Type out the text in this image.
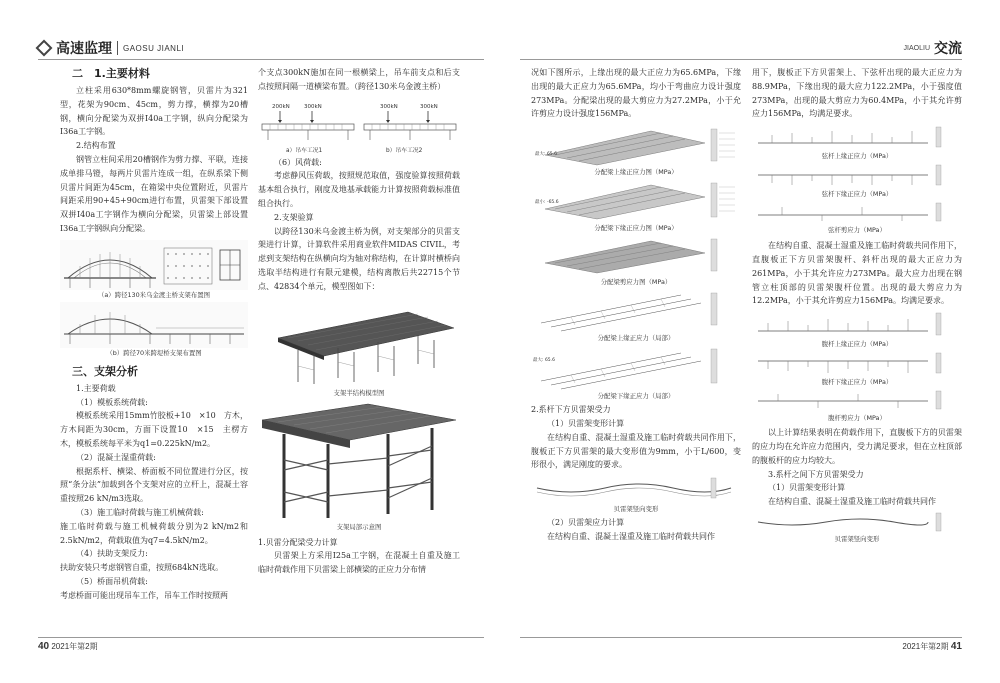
高速监理 GAOSU JIANLI	JIAOLIU 交流
二　1.主要材料

立柱采用630*8mm螺旋钢管，贝雷片为321型，花架为90cm、45cm，剪力撑，横撑为20槽钢，横向分配梁为双拼I40a工字钢，纵向分配梁为I36a工字钢。

2.结构布置

钢管立柱间采用20槽钢作为剪力撑、平联，连接成单排马镫，每两片贝雷片连成一组，在纵系梁下侧贝雷片间距为45cm，在箱梁中央位置附近，贝雷片间距采用90+45+90cm进行布置，贝雷架下部设置双拼I40a工字钢作为横向分配梁，贝雷梁上部设置I36a工字钢纵向分配梁。

（a）跨径130米乌金渡主桥支架布置图
（b）跨径70米跨堤桥支架布置图
三、支架分析

1.主要荷载

（1）模板系统荷载:

模板系统采用15mm竹胶板+10　×10　方木，方木间距为30cm，方面下设置10　×15　主楞方木，模板系统每平米为q1=0.225kN/m2。

（2）混凝土湿重荷载:

根据系杆、横梁、桥面板不同位置进行分区，按照“条分法”加载到各个支架对应的立杆上，混凝土容重按照26 kN/m3选取。

（3）施工临时荷载与施工机械荷载:

施工临时荷载与施工机械荷载分别为2 kN/m2和2.5kN/m2，荷载取值为q7=4.5kN/m2。

（4）扶助支架反力:

扶助安装只考虑钢管自重，按照684kN选取。

（5）桥面吊机荷载:

考虑桥面可能出现吊车工作，吊车工作时按照两

个支点300kN施加在同一根横梁上，吊车前支点和后支点按照间隔一道横梁布置。（跨径130米乌金渡主桥）

200kN	300kN	300kN	300kN
a）吊车工况1	b）吊车工况2

（6）风荷载:

考虑静风压荷载，按照规范取值，强度验算按照荷载基本组合执行，刚度及地基承载能力计算按照荷载标准值组合执行。

2.支架验算

以跨径130米乌金渡主桥为例，对支架部分的贝雷支架进行计算，计算软件采用商业软件MIDAS CIVIL，考虑到支架结构在纵横向均为轴对称结构，在计算时横桥向选取半结构进行有限元建模，结构离散后共22715个节点、42834个单元，模型图如下：

支架半结构模型图
支架局部示意图

1.贝雷分配梁受力计算

贝雷架上方采用I25a工字钢，在混凝土自重及施工临时荷载作用下贝雷梁上部横梁的正应力分布情

况如下图所示，上缘出现的最大正应力为65.6MPa，下缘出现的最大正应力为65.6MPa，均小于弯曲应力设计强度273MPa。分配梁出现的最大剪应力为27.2MPa，小于允许剪应力设计强度156MPa。

最大: 65.6
分配梁上缘正应力图（MPa）
最小: -65.6
分配梁下缘正应力图（MPa）
分配梁剪应力图（MPa）
分配梁上缘正应力（局部）
最大: 65.6
分配梁下缘正应力（局部）

2.系杆下方贝雷架受力

（1）贝雷架变形计算

在结构自重、混凝土湿重及施工临时荷载共同作用下，腹板正下方贝雷架的最大变形值为9mm，小于L/600，变形很小，满足刚度的要求。

贝雷架竖向变形

（2）贝雷架应力计算

在结构自重、混凝土湿重及施工临时荷载共同作

用下，腹板正下方贝雷架上、下弦杆出现的最大正应力为88.9MPa，下缘出现的最大应力122.2MPa，小于强度值273MPa，出现的最大剪应力为60.4MPa，小于其允许剪应力156MPa，均满足要求。

弦杆上缘正应力（MPa）
弦杆下缘正应力（MPa）
弦杆剪应力（MPa）

在结构自重、混凝土湿重及施工临时荷载共同作用下，直腹板正下方贝雷架腹杆、斜杆出现的最大正应力为261MPa，小于其允许应力273MPa。最大应力出现在钢管立柱顶部的贝雷架腹杆位置。出现的最大剪应力为12.2MPa，小于其允许剪应力156MPa。均满足要求。

腹杆上缘正应力（MPa）
腹杆下缘正应力（MPa）
腹杆剪应力（MPa）

以上计算结果表明在荷载作用下，直腹板下方的贝雷架的应力均在允许应力范围内，受力满足要求，但在立柱顶部的腹板杆的应力均较大。

3.系杆之间下方贝雷架受力

（1）贝雷架变形计算

在结构自重、混凝土湿重及施工临时荷载共同作

贝雷架竖向变形
40 2021年第2期	2021年第2期 41
